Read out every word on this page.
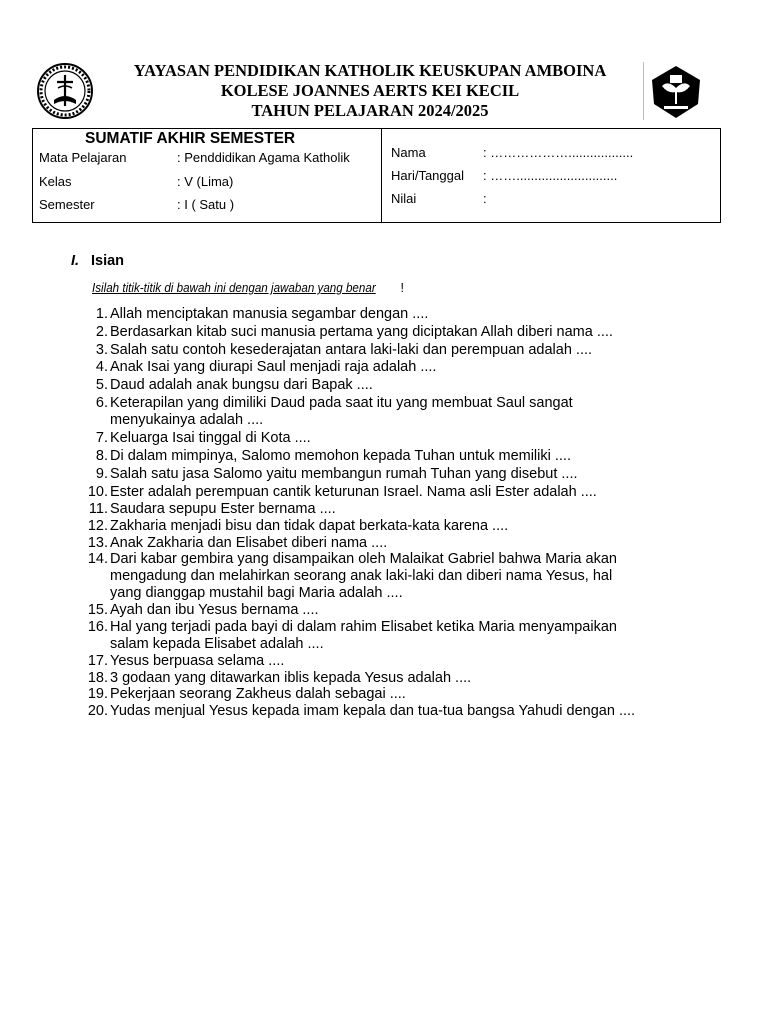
YAYASAN PENDIDIKAN KATHOLIK KEUSKUPAN AMBOINA
KOLESE JOANNES AERTS KEI KECIL
TAHUN PELAJARAN 2024/2025
SUMATIF AKHIR SEMESTER
Mata Pelajaran	: Penddidikan Agama Katholik
Kelas	: V (Lima)
Semester	: I ( Satu )
Nama	: ………………..................
Hari/Tanggal : ……............................
Nilai	:
I. Isian
Isilah titik-titik di bawah ini dengan jawaban yang benar !
1. Allah menciptakan manusia segambar dengan ....
2. Berdasarkan kitab suci manusia pertama yang diciptakan Allah diberi nama ....
3. Salah satu contoh kesederajatan antara laki-laki dan perempuan adalah ....
4. Anak Isai yang diurapi Saul menjadi raja adalah ....
5. Daud adalah anak bungsu dari Bapak ....
6. Keterapilan yang dimiliki Daud pada saat itu yang membuat Saul sangat
menyukainya adalah ....
7. Keluarga Isai tinggal di Kota ....
8. Di dalam mimpinya, Salomo memohon kepada Tuhan untuk memiliki ....
9. Salah satu jasa Salomo yaitu membangun rumah Tuhan yang disebut ....
10. Ester adalah perempuan cantik keturunan Israel. Nama asli Ester adalah ....
11. Saudara sepupu Ester bernama ....
12. Zakharia menjadi bisu dan tidak dapat berkata-kata karena ....
13. Anak Zakharia dan Elisabet diberi nama ....
14. Dari kabar gembira yang disampaikan oleh Malaikat Gabriel bahwa Maria akan
mengadung dan melahirkan seorang anak laki-laki dan diberi nama Yesus, hal
yang dianggap mustahil bagi Maria adalah ....
15. Ayah dan ibu Yesus bernama ....
16. Hal yang terjadi pada bayi di dalam rahim Elisabet ketika Maria menyampaikan
salam kepada Elisabet adalah ....
17. Yesus berpuasa selama ....
18. 3 godaan yang ditawarkan iblis kepada Yesus adalah ....
19. Pekerjaan seorang Zakheus dalah sebagai ....
20. Yudas menjual Yesus kepada imam kepala dan tua-tua bangsa Yahudi dengan ....
